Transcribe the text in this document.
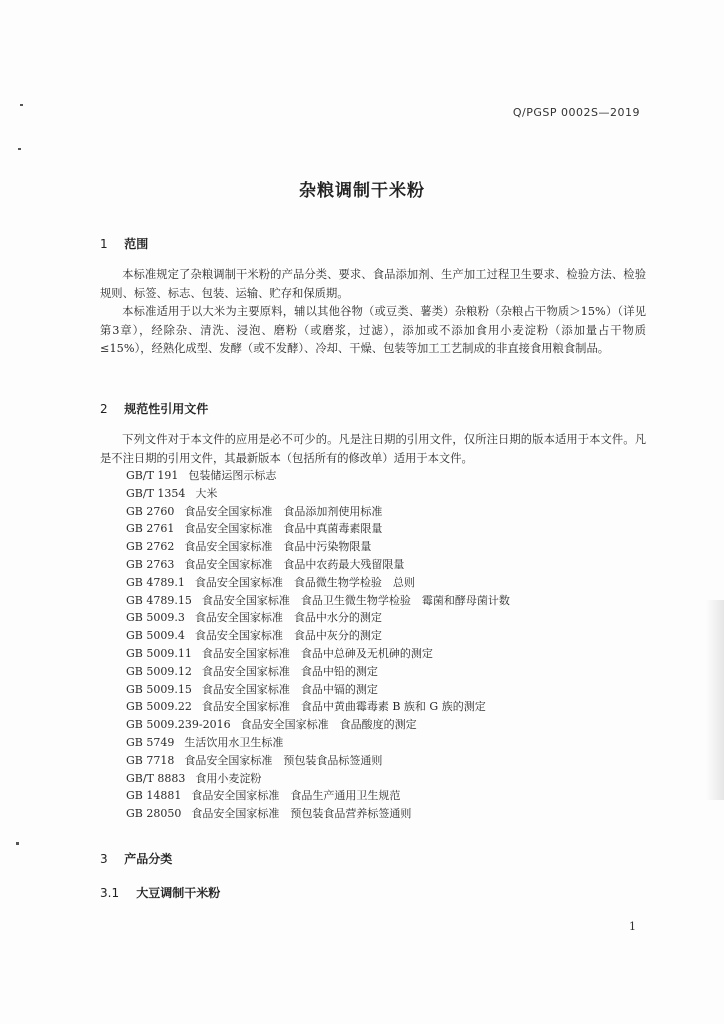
Q/PGSP 0002S—2019
杂粮调制干米粉
1 范围
本标准规定了杂粮调制干米粉的产品分类、要求、食品添加剂、生产加工过程卫生要求、检验方法、检验规则、标签、标志、包装、运输、贮存和保质期。
本标准适用于以大米为主要原料，辅以其他谷物（或豆类、薯类）杂粮粉（杂粮占干物质＞15%）（详见第3章），经除杂、清洗、浸泡、磨粉（或磨浆，过滤），添加或不添加食用小麦淀粉（添加量占干物质≤15%），经熟化成型、发酵（或不发酵）、冷却、干燥、包装等加工工艺制成的非直接食用粮食制品。
2 规范性引用文件
下列文件对于本文件的应用是必不可少的。凡是注日期的引用文件，仅所注日期的版本适用于本文件。凡是不注日期的引用文件，其最新版本（包括所有的修改单）适用于本文件。
GB/T 191 包装储运图示标志
GB/T 1354 大米
GB 2760 食品安全国家标准　食品添加剂使用标准
GB 2761 食品安全国家标准　食品中真菌毒素限量
GB 2762 食品安全国家标准　食品中污染物限量
GB 2763 食品安全国家标准　食品中农药最大残留限量
GB 4789.1 食品安全国家标准　食品微生物学检验　总则
GB 4789.15 食品安全国家标准　食品卫生微生物学检验　霉菌和酵母菌计数
GB 5009.3 食品安全国家标准　食品中水分的测定
GB 5009.4 食品安全国家标准　食品中灰分的测定
GB 5009.11 食品安全国家标准　食品中总砷及无机砷的测定
GB 5009.12 食品安全国家标准　食品中铅的测定
GB 5009.15 食品安全国家标准　食品中镉的测定
GB 5009.22 食品安全国家标准　食品中黄曲霉毒素 B 族和 G 族的测定
GB 5009.239-2016 食品安全国家标准　食品酸度的测定
GB 5749 生活饮用水卫生标准
GB 7718 食品安全国家标准　预包装食品标签通则
GB/T 8883 食用小麦淀粉
GB 14881 食品安全国家标准　食品生产通用卫生规范
GB 28050 食品安全国家标准　预包装食品营养标签通则
3 产品分类
3.1 大豆调制干米粉
1
